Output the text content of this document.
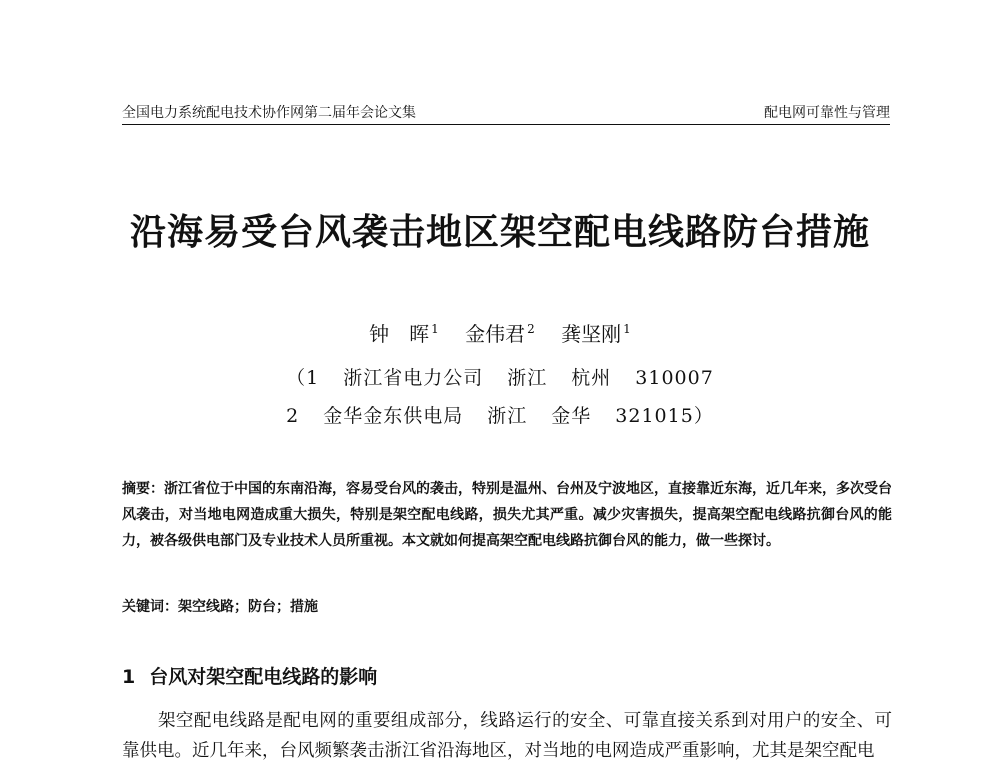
全国电力系统配电技术协作网第二届年会论文集	配电网可靠性与管理
沿海易受台风袭击地区架空配电线路防台措施
钟　晖 $^1$ 金伟君 $^2$ 龚坚刚 $^1$
（1 浙江省电力公司 浙江 杭州 310007
2 金华金东供电局 浙江 金华 321015）
摘要：浙江省位于中国的东南沿海，容易受台风的袭击，特别是温州、台州及宁波地区，直接靠近东海，近几年来，多次受台风袭击，对当地电网造成重大损失，特别是架空配电线路，损失尤其严重。减少灾害损失，提高架空配电线路抗御台风的能力，被各级供电部门及专业技术人员所重视。本文就如何提高架空配电线路抗御台风的能力，做一些探讨。
关键词：架空线路；防台；措施
1 台风对架空配电线路的影响
架空配电线路是配电网的重要组成部分，线路运行的安全、可靠直接关系到对用户的安全、可靠供电。近几年来，台风频繁袭击浙江省沿海地区，对当地的电网造成严重影响，尤其是架空配电
